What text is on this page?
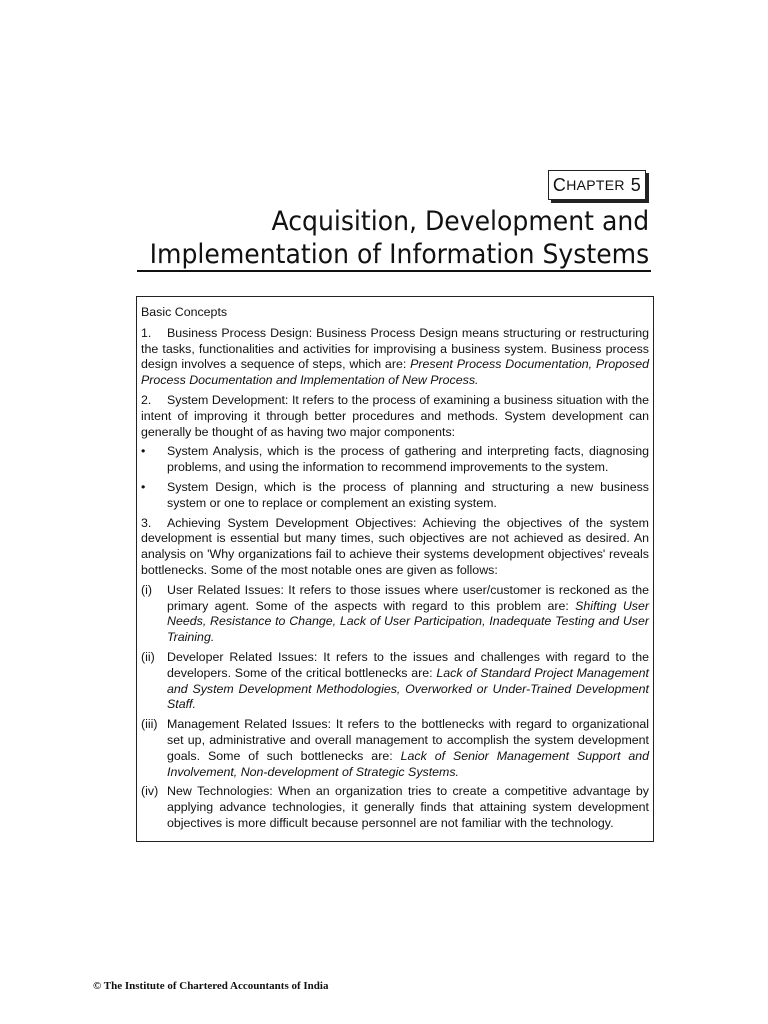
C HAPTER 5
Acquisition, Development and
Implementation of Information Systems

Basic Concepts

1. Business Process Design: Business Process Design means structuring or restructuring the tasks, functionalities and activities for improvising a business system. Business process design involves a sequence of steps, which are: Present Process Documentation, Proposed Process Documentation and Implementation of New Process.

2. System Development: It refers to the process of examining a business situation with the intent of improving it through better procedures and methods. System development can generally be thought of as having two major components:

•	System Analysis, which is the process of gathering and interpreting facts, diagnosing problems, and using the information to recommend improvements to the system.
•	System Design, which is the process of planning and structuring a new business system or one to replace or complement an existing system.

3. Achieving System Development Objectives: Achieving the objectives of the system development is essential but many times, such objectives are not achieved as desired. An analysis on 'Why organizations fail to achieve their systems development objectives' reveals bottlenecks. Some of the most notable ones are given as follows:

(i)	User Related Issues: It refers to those issues where user/customer is reckoned as the primary agent. Some of the aspects with regard to this problem are: Shifting User Needs, Resistance to Change, Lack of User Participation, Inadequate Testing and User Training.
(ii) Developer Related Issues: It refers to the issues and challenges with regard to the developers. Some of the critical bottlenecks are: Lack of Standard Project Management and System Development Methodologies, Overworked or Under-Trained Development Staff.
(iii) Management Related Issues: It refers to the bottlenecks with regard to organizational set up, administrative and overall management to accomplish the system development goals. Some of such bottlenecks are: Lack of Senior Management Support and Involvement, Non-development of Strategic Systems.
(iv) New Technologies: When an organization tries to create a competitive advantage by applying advance technologies, it generally finds that attaining system development objectives is more difficult because personnel are not familiar with the technology.
© The Institute of Chartered Accountants of India
